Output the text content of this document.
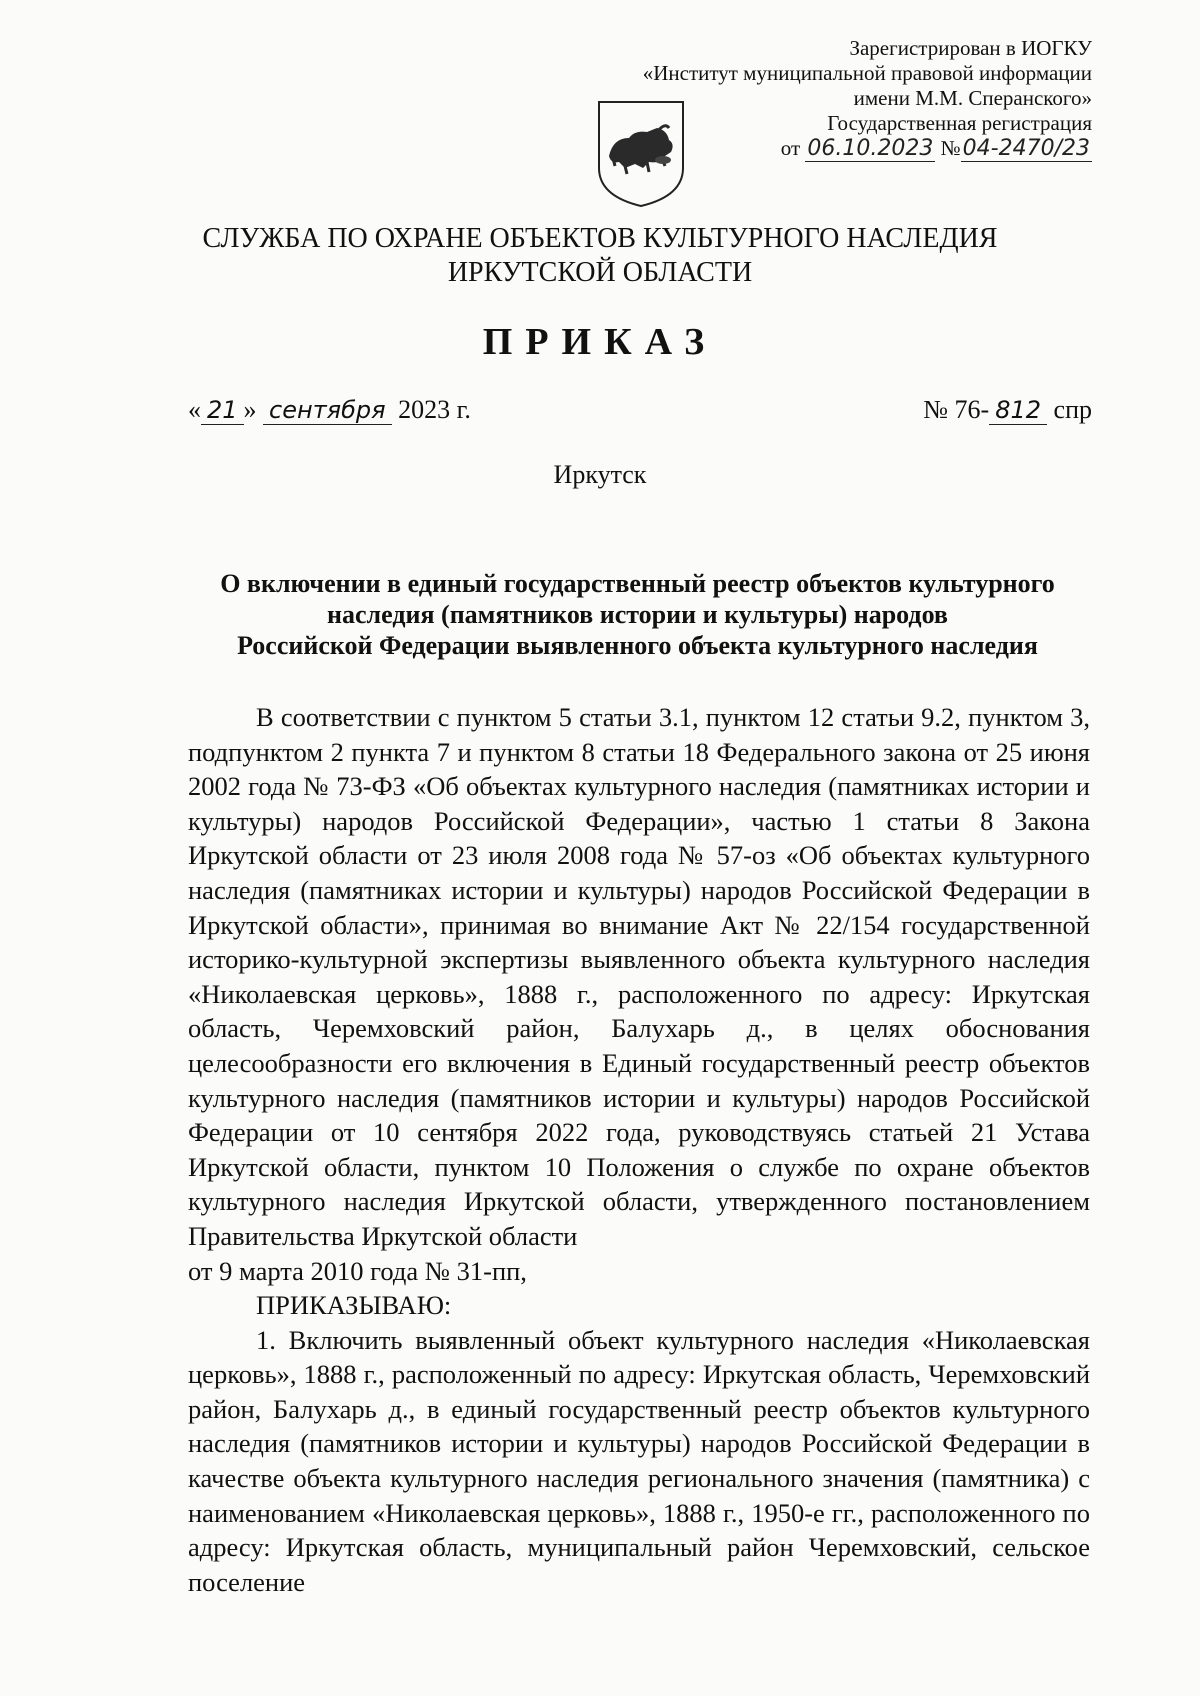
Зарегистрирован в ИОГКУ
«Институт муниципальной правовой информации
имени М.М. Сперанского»
Государственная регистрация
от 06.10.2023 №04-2470/23
СЛУЖБА ПО ОХРАНЕ ОБЪЕКТОВ КУЛЬТУРНОГО НАСЛЕДИЯ
ИРКУТСКОЙ ОБЛАСТИ
ПРИКАЗ
« 21 » сентября 2023 г.	№ 76- 812 спр
Иркутск
О включении в единый государственный реестр объектов культурного
наследия (памятников истории и культуры) народов
Российской Федерации выявленного объекта культурного наследия

В соответствии с пунктом 5 статьи 3.1, пунктом 12 статьи 9.2, пунктом 3, подпунктом 2 пункта 7 и пунктом 8 статьи 18 Федерального закона от 25 июня 2002 года № 73-ФЗ «Об объектах культурного наследия (памятниках истории и культуры) народов Российской Федерации», частью 1 статьи 8 Закона Иркутской области от 23 июля 2008 года № 57-оз «Об объектах культурного наследия (памятниках истории и культуры) народов Российской Федерации в Иркутской области», принимая во внимание Акт № 22/154 государственной историко-культурной экспертизы выявленного объекта культурного наследия «Николаевская церковь», 1888 г., расположенного по адресу: Иркутская область, Черемховский район, Балухарь д., в целях обоснования целесообразности его включения в Единый государственный реестр объектов культурного наследия (памятников истории и культуры) народов Российской Федерации от 10 сентября 2022 года, руководствуясь статьей 21 Устава Иркутской области, пунктом 10 Положения о службе по охране объектов культурного наследия Иркутской области, утвержденного постановлением Правительства Иркутской области

от 9 марта 2010 года № 31-пп,

ПРИКАЗЫВАЮ:

1. Включить выявленный объект культурного наследия «Николаевская церковь», 1888 г., расположенный по адресу: Иркутская область, Черемховский район, Балухарь д., в единый государственный реестр объектов культурного наследия (памятников истории и культуры) народов Российской Федерации в качестве объекта культурного наследия регионального значения (памятника) с наименованием «Николаевская церковь», 1888 г., 1950-е гг., расположенного по адресу: Иркутская область, муниципальный район Черемховский, сельское поселение
